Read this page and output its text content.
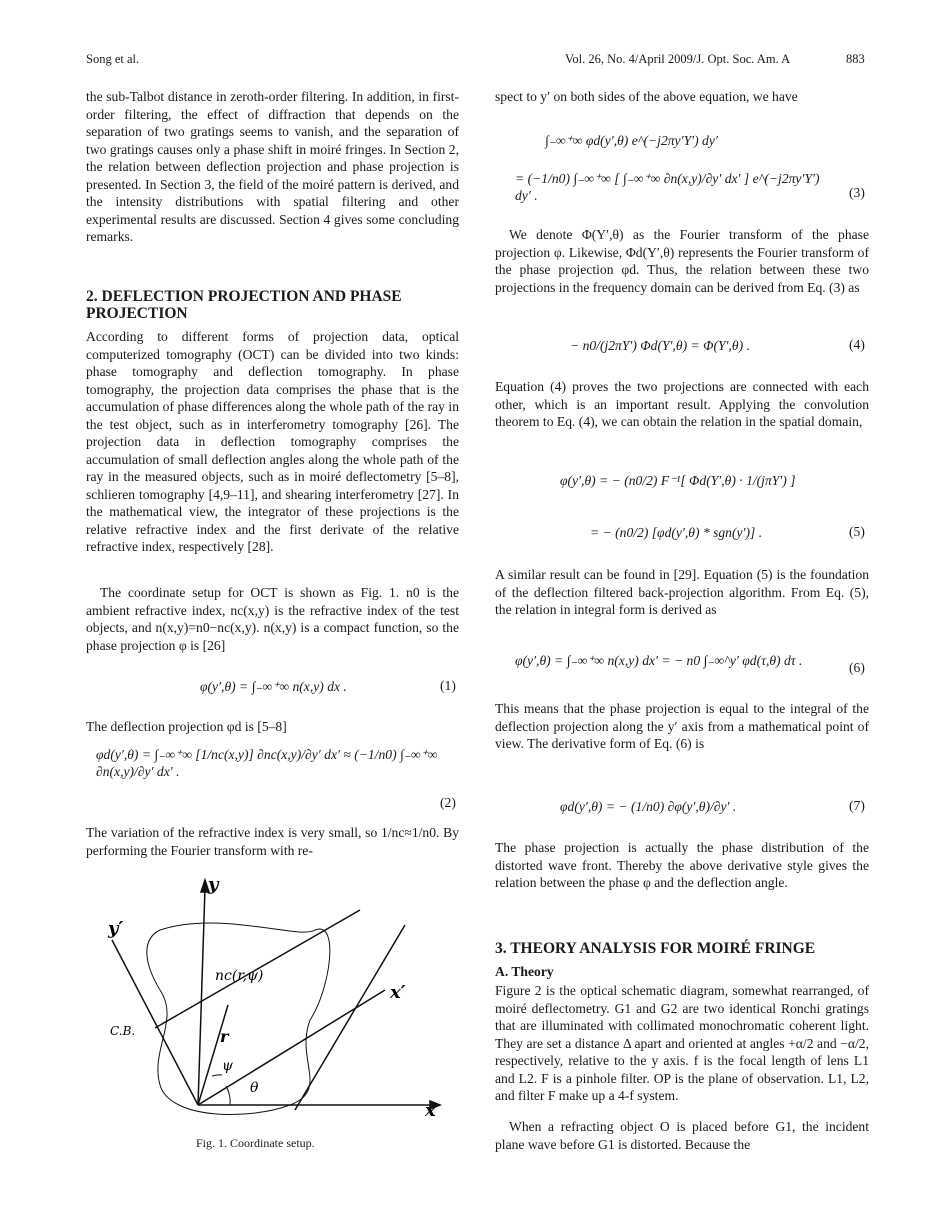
Song et al.	Vol. 26, No. 4/April 2009/J. Opt. Soc. Am. A	883
the sub-Talbot distance in zeroth-order filtering. In addition, in first-order filtering, the effect of diffraction that depends on the separation of two gratings seems to vanish, and the separation of two gratings causes only a phase shift in moiré fringes. In Section 2, the relation between deflection projection and phase projection is presented. In Section 3, the field of the moiré pattern is derived, and the intensity distributions with spatial filtering and other experimental results are discussed. Section 4 gives some concluding remarks.
2. DEFLECTION PROJECTION AND PHASE PROJECTION
According to different forms of projection data, optical computerized tomography (OCT) can be divided into two kinds: phase tomography and deflection tomography. In phase tomography, the projection data comprises the phase that is the accumulation of phase differences along the whole path of the ray in the test object, such as in interferometry tomography [26]. The projection data in deflection tomography comprises the accumulation of small deflection angles along the whole path of the ray in the measured objects, such as in moiré deflectometry [5–8], schlieren tomography [4,9–11], and shearing interferometry [27]. In the mathematical view, the integrator of these projections is the relative refractive index and the first derivate of the relative refractive index, respectively [28].
The coordinate setup for OCT is shown as Fig. 1. n0 is the ambient refractive index, nc(x,y) is the refractive index of the test objects, and n(x,y)=n0−nc(x,y). n(x,y) is a compact function, so the phase projection φ is [26]
φ(y′,θ) = ∫₋∞⁺∞ n(x,y) dx .	(1)
The deflection projection φd is [5–8]
φd(y′,θ) = ∫₋∞⁺∞ [1/nc(x,y)] ∂nc(x,y)/∂y′ dx′ ≈ (−1/n0) ∫₋∞⁺∞ ∂n(x,y)/∂y′ dx′ .
(2)
The variation of the refractive index is very small, so 1/nc≈1/n0. By performing the Fourier transform with re-
y
y′
x′
x
C.B.
nc(r,ψ)
r
ψ
θ
Fig. 1. Coordinate setup.
spect to y′ on both sides of the above equation, we have
∫₋∞⁺∞ φd(y′,θ) e^(−j2πy′Y′) dy′
= (−1/n0) ∫₋∞⁺∞ [ ∫₋∞⁺∞ ∂n(x,y)/∂y′ dx′ ] e^(−j2πy′Y′) dy′ .	(3)
We denote Φ(Y′,θ) as the Fourier transform of the phase projection φ. Likewise, Φd(Y′,θ) represents the Fourier transform of the phase projection φd. Thus, the relation between these two projections in the frequency domain can be derived from Eq. (3) as
− n0/(j2πY′) Φd(Y′,θ) = Φ(Y′,θ) .	(4)
Equation (4) proves the two projections are connected with each other, which is an important result. Applying the convolution theorem to Eq. (4), we can obtain the relation in the spatial domain,
φ(y′,θ) = − (n0/2) F⁻¹[ Φd(Y′,θ) · 1/(jπY′) ]
= − (n0/2) [φd(y′,θ) * sgn(y′)] .	(5)
A similar result can be found in [29]. Equation (5) is the foundation of the deflection filtered back-projection algorithm. From Eq. (5), the relation in integral form is derived as
φ(y′,θ) = ∫₋∞⁺∞ n(x,y) dx′ = − n0 ∫₋∞^y′ φd(τ,θ) dτ .	(6)
This means that the phase projection is equal to the integral of the deflection projection along the y′ axis from a mathematical point of view. The derivative form of Eq. (6) is
φd(y′,θ) = − (1/n0) ∂φ(y′,θ)/∂y′ .	(7)
The phase projection is actually the phase distribution of the distorted wave front. Thereby the above derivative style gives the relation between the phase φ and the deflection angle.
3. THEORY ANALYSIS FOR MOIRÉ FRINGE
A. Theory
Figure 2 is the optical schematic diagram, somewhat rearranged, of moiré deflectometry. G1 and G2 are two identical Ronchi gratings that are illuminated with collimated monochromatic coherent light. They are set a distance Δ apart and oriented at angles +α/2 and −α/2, respectively, relative to the y axis. f is the focal length of lens L1 and L2. F is a pinhole filter. OP is the plane of observation. L1, L2, and filter F make up a 4-f system.
When a refracting object O is placed before G1, the incident plane wave before G1 is distorted. Because the
